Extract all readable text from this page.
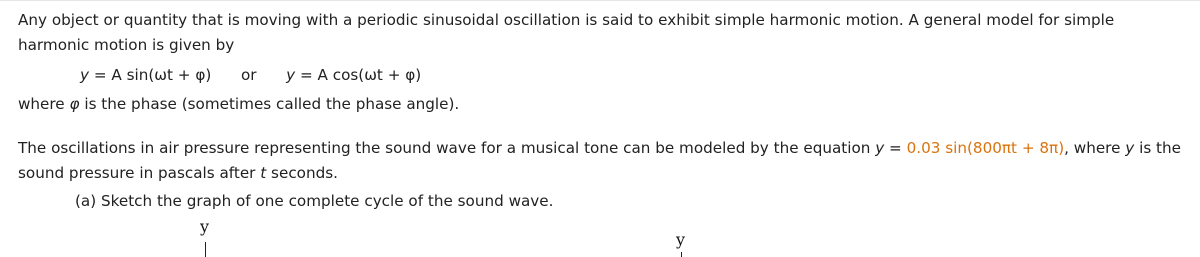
Any object or quantity that is moving with a periodic sinusoidal oscillation is said to exhibit simple harmonic motion. A general model for simple harmonic motion is given by

y = A sin(ωt + φ) or y = A cos(ωt + φ)

where φ is the phase (sometimes called the phase angle).

The oscillations in air pressure representing the sound wave for a musical tone can be modeled by the equation y = 0.03 sin(800πt + 8π), where y is the sound pressure in pascals after t seconds.

(a) Sketch the graph of one complete cycle of the sound wave.
y
y
